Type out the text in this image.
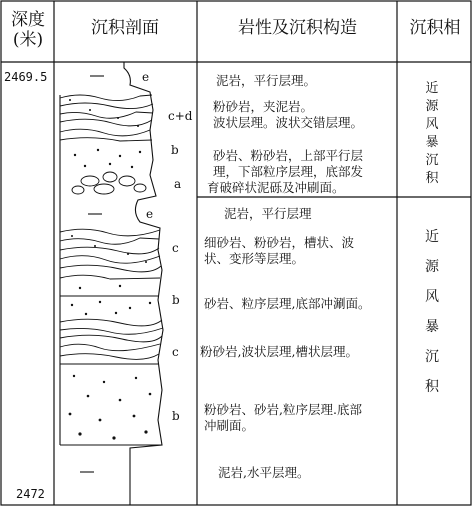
深度(米)
沉积剖面	岩性及沉积构造	沉积相
2469.5
2472
e
c+d
b
a
e
c
b
c
b
泥岩，平行层理。
粉砂岩，夹泥岩。
波状层理。波状交错层理。
砂岩、粉砂岩，上部平行层
理，下部粒序层理，底部发
育破碎状泥砾及冲刷面。
泥岩，平行层理
细砂岩、粉砂岩，槽状、波
状、变形等层理。
砂岩、粒序层理,底部冲涮面。
粉砂岩,波状层理,槽状层理。
粉砂岩、砂岩,粒序层理.底部
冲刷面。
泥岩,水平层理。
近源风暴沉积
近源风暴沉积
